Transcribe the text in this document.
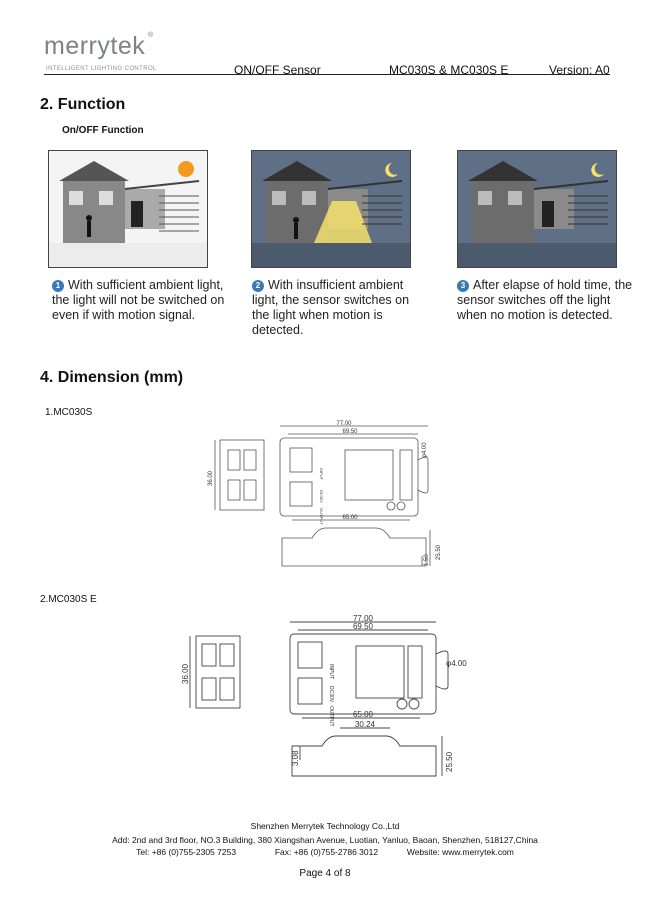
merrytek ®
INTELLIGENT LIGHTING CONTROL	ON/OFF Sensor	MC030S & MC030S E	Version: A0
2. Function
On/OFF Function
1 With sufficient ambient light, the light will not be switched on even if with motion signal.
2 With insufficient ambient light, the sensor switches on the light when motion is detected.
3 After elapse of hold time, the sensor switches off the light when no motion is detected.
4. Dimension (mm)
1.MC030S
77.00
69.50
65.00
φ4.00
36.00
25.50
1.50
INPUT
DC30V
OUTPUT
2.MC030S E
77.00
69.50
65.00
30.24
φ4.00
36.00
25.50
3.08
INPUT
DC30V
OUTPUT
Shenzhen Merrytek Technology Co.,Ltd
Add: 2nd and 3rd floor, NO.3 Building, 380 Xiangshan Avenue, Luotian, Yanluo, Baoan, Shenzhen, 518127,China
Tel: +86 (0)755-2305 7253	Fax: +86 (0)755-2786 3012	Website: www.merrytek.com
Page 4 of 8
